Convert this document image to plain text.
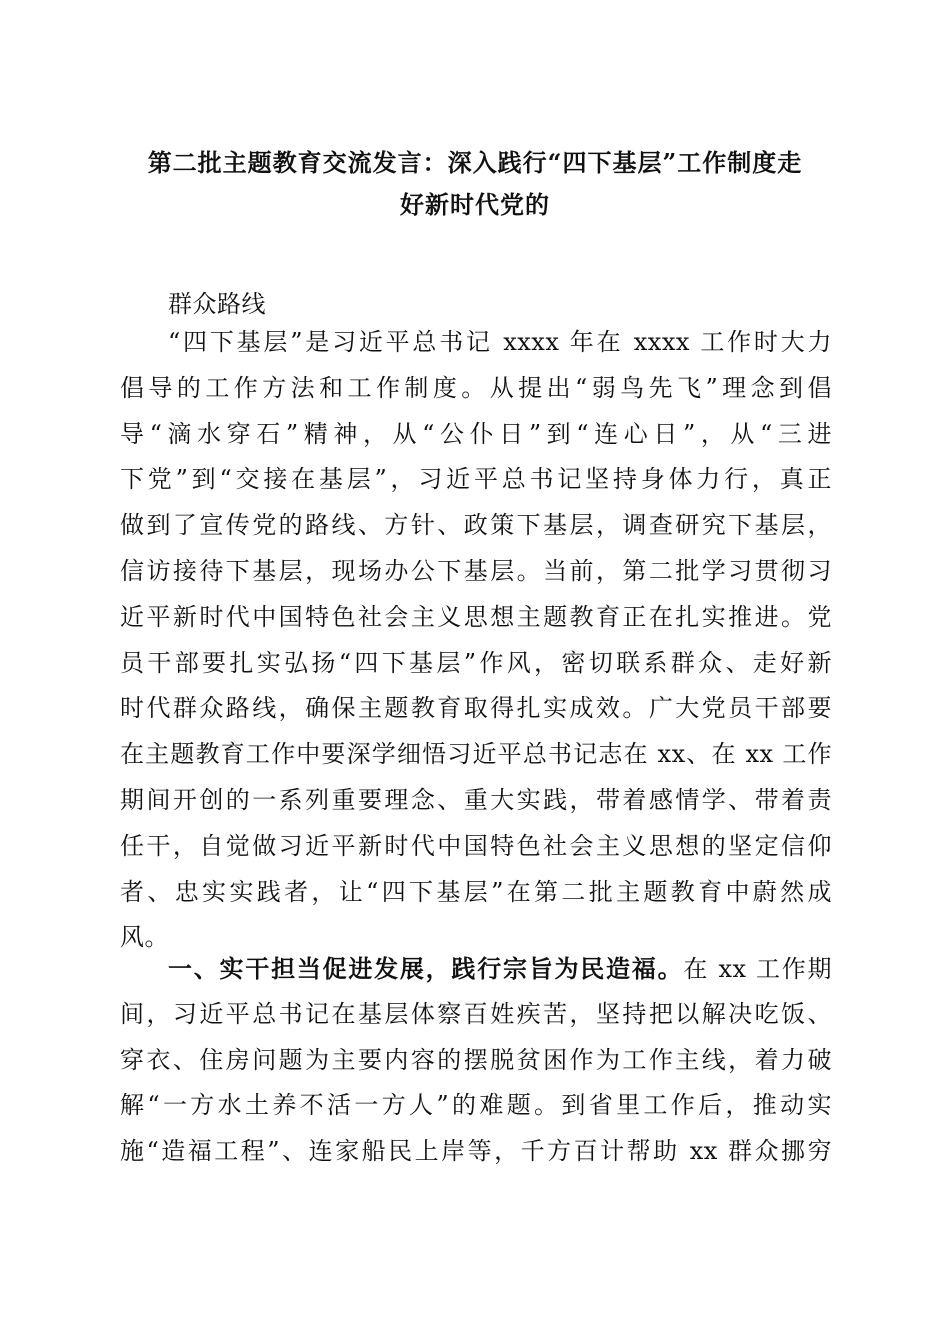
第二批主题教育交流发言：深入践行“四下基层”工作制度走
好新时代党的
群众路线
“四下基层”是习近平总书记 xxxx 年在 xxxx 工作时大力
倡导的工作方法和工作制度。从提出“弱鸟先飞”理念到倡
导“滴水穿石”精神，从“公仆日”到“连心日”，从“三进
下党”到“交接在基层”，习近平总书记坚持身体力行，真正
做到了宣传党的路线、方针、政策下基层，调查研究下基层，
信访接待下基层，现场办公下基层。当前，第二批学习贯彻习
近平新时代中国特色社会主义思想主题教育正在扎实推进。党
员干部要扎实弘扬“四下基层”作风，密切联系群众、走好新
时代群众路线，确保主题教育取得扎实成效。广大党员干部要
在主题教育工作中要深学细悟习近平总书记志在 xx、在 xx 工作
期间开创的一系列重要理念、重大实践，带着感情学、带着责
任干，自觉做习近平新时代中国特色社会主义思想的坚定信仰
者、忠实实践者，让“四下基层”在第二批主题教育中蔚然成
风。
一、实干担当促进发展，践行宗旨为民造福。在 xx 工作期
间，习近平总书记在基层体察百姓疾苦，坚持把以解决吃饭、
穿衣、住房问题为主要内容的摆脱贫困作为工作主线，着力破
解“一方水土养不活一方人”的难题。到省里工作后，推动实
施“造福工程”、连家船民上岸等，千方百计帮助 xx 群众挪穷
